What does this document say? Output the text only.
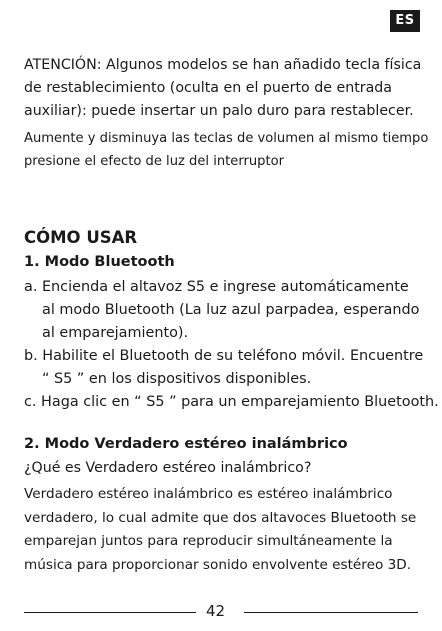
ES

ATENCIÓN: Algunos modelos se han añadido tecla física de restablecimiento (oculta en el puerto de entrada auxiliar): puede insertar un palo duro para restablecer.

Aumente y disminuya las teclas de volumen al mismo tiempo presione el efecto de luz del interruptor

CÓMO USAR
1. Modo Bluetooth

a. Encienda el altavoz S5 e ingrese automáticamente

al modo Bluetooth (La luz azul parpadea, esperando

al emparejamiento).

b. Habilite el Bluetooth de su teléfono móvil. Encuentre

“ S5 ” en los dispositivos disponibles.

c. Haga clic en “ S5 ” para un emparejamiento Bluetooth.

2. Modo Verdadero estéreo inalámbrico

¿Qué es Verdadero estéreo inalámbrico?

Verdadero estéreo inalámbrico es estéreo inalámbrico verdadero, lo cual admite que dos altavoces Bluetooth se emparejan juntos para reproducir simultáneamente la música para proporcionar sonido envolvente estéreo 3D.

42
